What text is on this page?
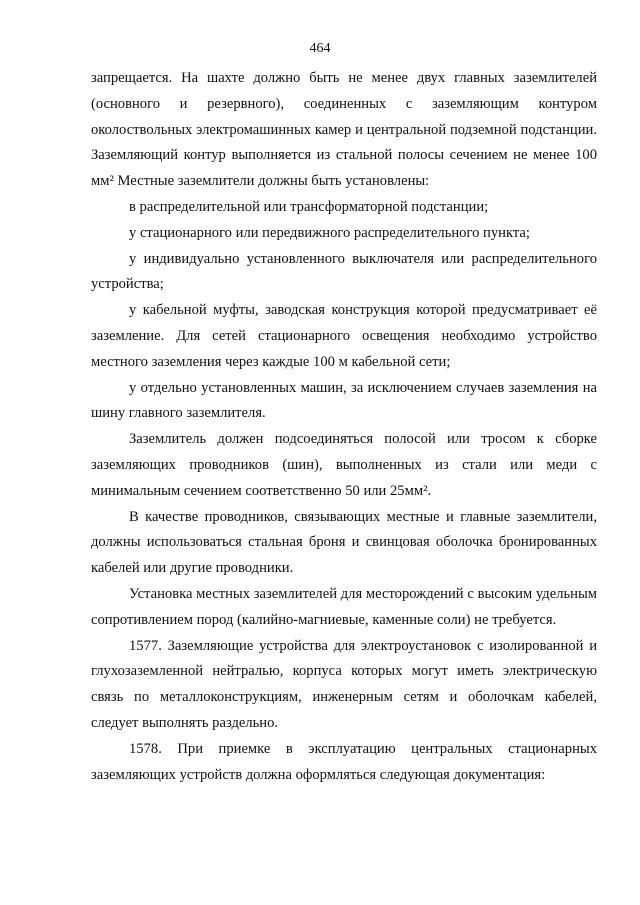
464

запрещается. На шахте должно быть не менее двух главных заземлителей (основного и резервного), соединенных с заземляющим контуром околоствольных электромашинных камер и центральной подземной подстанции. Заземляющий контур выполняется из стальной полосы сечением не менее 100 мм² Местные заземлители должны быть установлены:

в распределительной или трансформаторной подстанции;

у стационарного или передвижного распределительного пункта;

у индивидуально установленного выключателя или распределительного устройства;

у кабельной муфты, заводская конструкция которой предусматривает её заземление. Для сетей стационарного освещения необходимо устройство местного заземления через каждые 100 м кабельной сети;

у отдельно установленных машин, за исключением случаев заземления на шину главного заземлителя.

Заземлитель должен подсоединяться полосой или тросом к сборке заземляющих проводников (шин), выполненных из стали или меди с минимальным сечением соответственно 50 или 25мм².

В качестве проводников, связывающих местные и главные заземлители, должны использоваться стальная броня и свинцовая оболочка бронированных кабелей или другие проводники.

Установка местных заземлителей для месторождений с высоким удельным сопротивлением пород (калийно-магниевые, каменные соли) не требуется.

1577. Заземляющие устройства для электроустановок с изолированной и глухозаземленной нейтралью, корпуса которых могут иметь электрическую связь по металлоконструкциям, инженерным сетям и оболочкам кабелей, следует выполнять раздельно.

1578. При приемке в эксплуатацию центральных стационарных заземляющих устройств должна оформляться следующая документация:
